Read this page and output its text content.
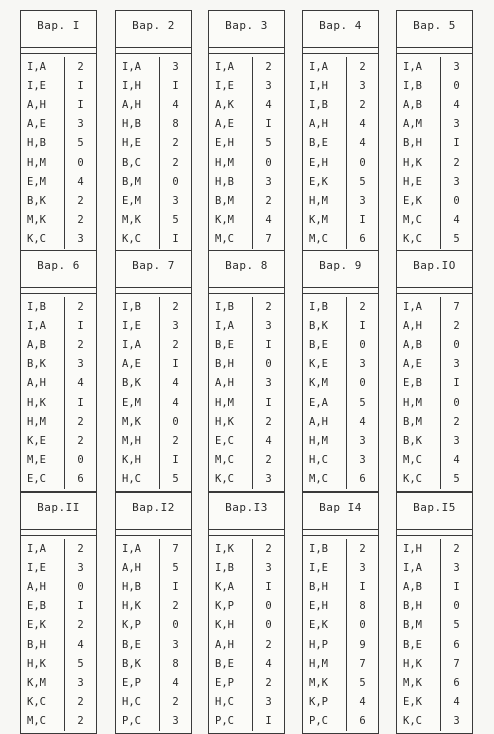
Вар. I
I,A	2
I,E	I
A,H	I
A,E	3
H,B	5
H,M	0
E,M	4
B,K	2
M,K	2
K,C	3
Вар. 2
I,A	3
I,H	I
A,H	4
H,B	8
H,E	2
B,C	2
B,M	0
E,M	3
M,K	5
K,C	I
Вар. 3
I,A	2
I,E	3
A,K	4
A,E	I
E,H	5
H,M	0
H,B	3
B,M	2
K,M	4
M,C	7
Вар. 4
I,A	2
I,H	3
I,B	2
A,H	4
B,E	4
E,H	0
E,K	5
H,M	3
K,M	I
M,C	6
Вар. 5
I,A	3
I,B	0
A,B	4
A,M	3
B,H	I
H,K	2
H,E	3
E,K	0
M,C	4
K,C	5
Вар. 6
I,B	2
I,A	I
A,B	2
B,K	3
A,H	4
H,K	I
H,M	2
K,E	2
M,E	0
E,C	6
Вар. 7
I,B	2
I,E	3
I,A	2
A,E	I
B,K	4
E,M	4
M,K	0
M,H	2
K,H	I
H,C	5
Вар. 8
I,B	2
I,A	3
B,E	I
B,H	0
A,H	3
H,M	I
H,K	2
E,C	4
M,C	2
K,C	3
Вар. 9
I,B	2
B,K	I
B,E	0
K,E	3
K,M	0
E,A	5
A,H	4
H,M	3
H,C	3
M,C	6
Вар.IO
I,A	7
A,H	2
A,B	0
A,E	3
E,B	I
H,M	0
B,M	2
B,K	3
M,C	4
K,C	5
Вар.II
I,A	2
I,E	3
A,H	0
E,B	I
E,K	2
B,H	4
H,K	5
K,M	3
K,C	2
M,C	2
Вар.I2
I,A	7
A,H	5
H,B	I
H,K	2
K,P	0
B,E	3
B,K	8
E,P	4
H,C	2
P,C	3
Вар.I3
I,K	2
I,B	3
K,A	I
K,P	0
K,H	0
A,H	2
B,E	4
E,P	2
H,C	3
P,C	I
Вар I4
I,B	2
I,E	3
B,H	I
E,H	8
E,K	0
H,P	9
H,M	7
M,K	5
K,P	4
P,C	6
Вар.I5
I,H	2
I,A	3
A,B	I
B,H	0
B,M	5
B,E	6
H,K	7
M,K	6
E,K	4
K,C	3
